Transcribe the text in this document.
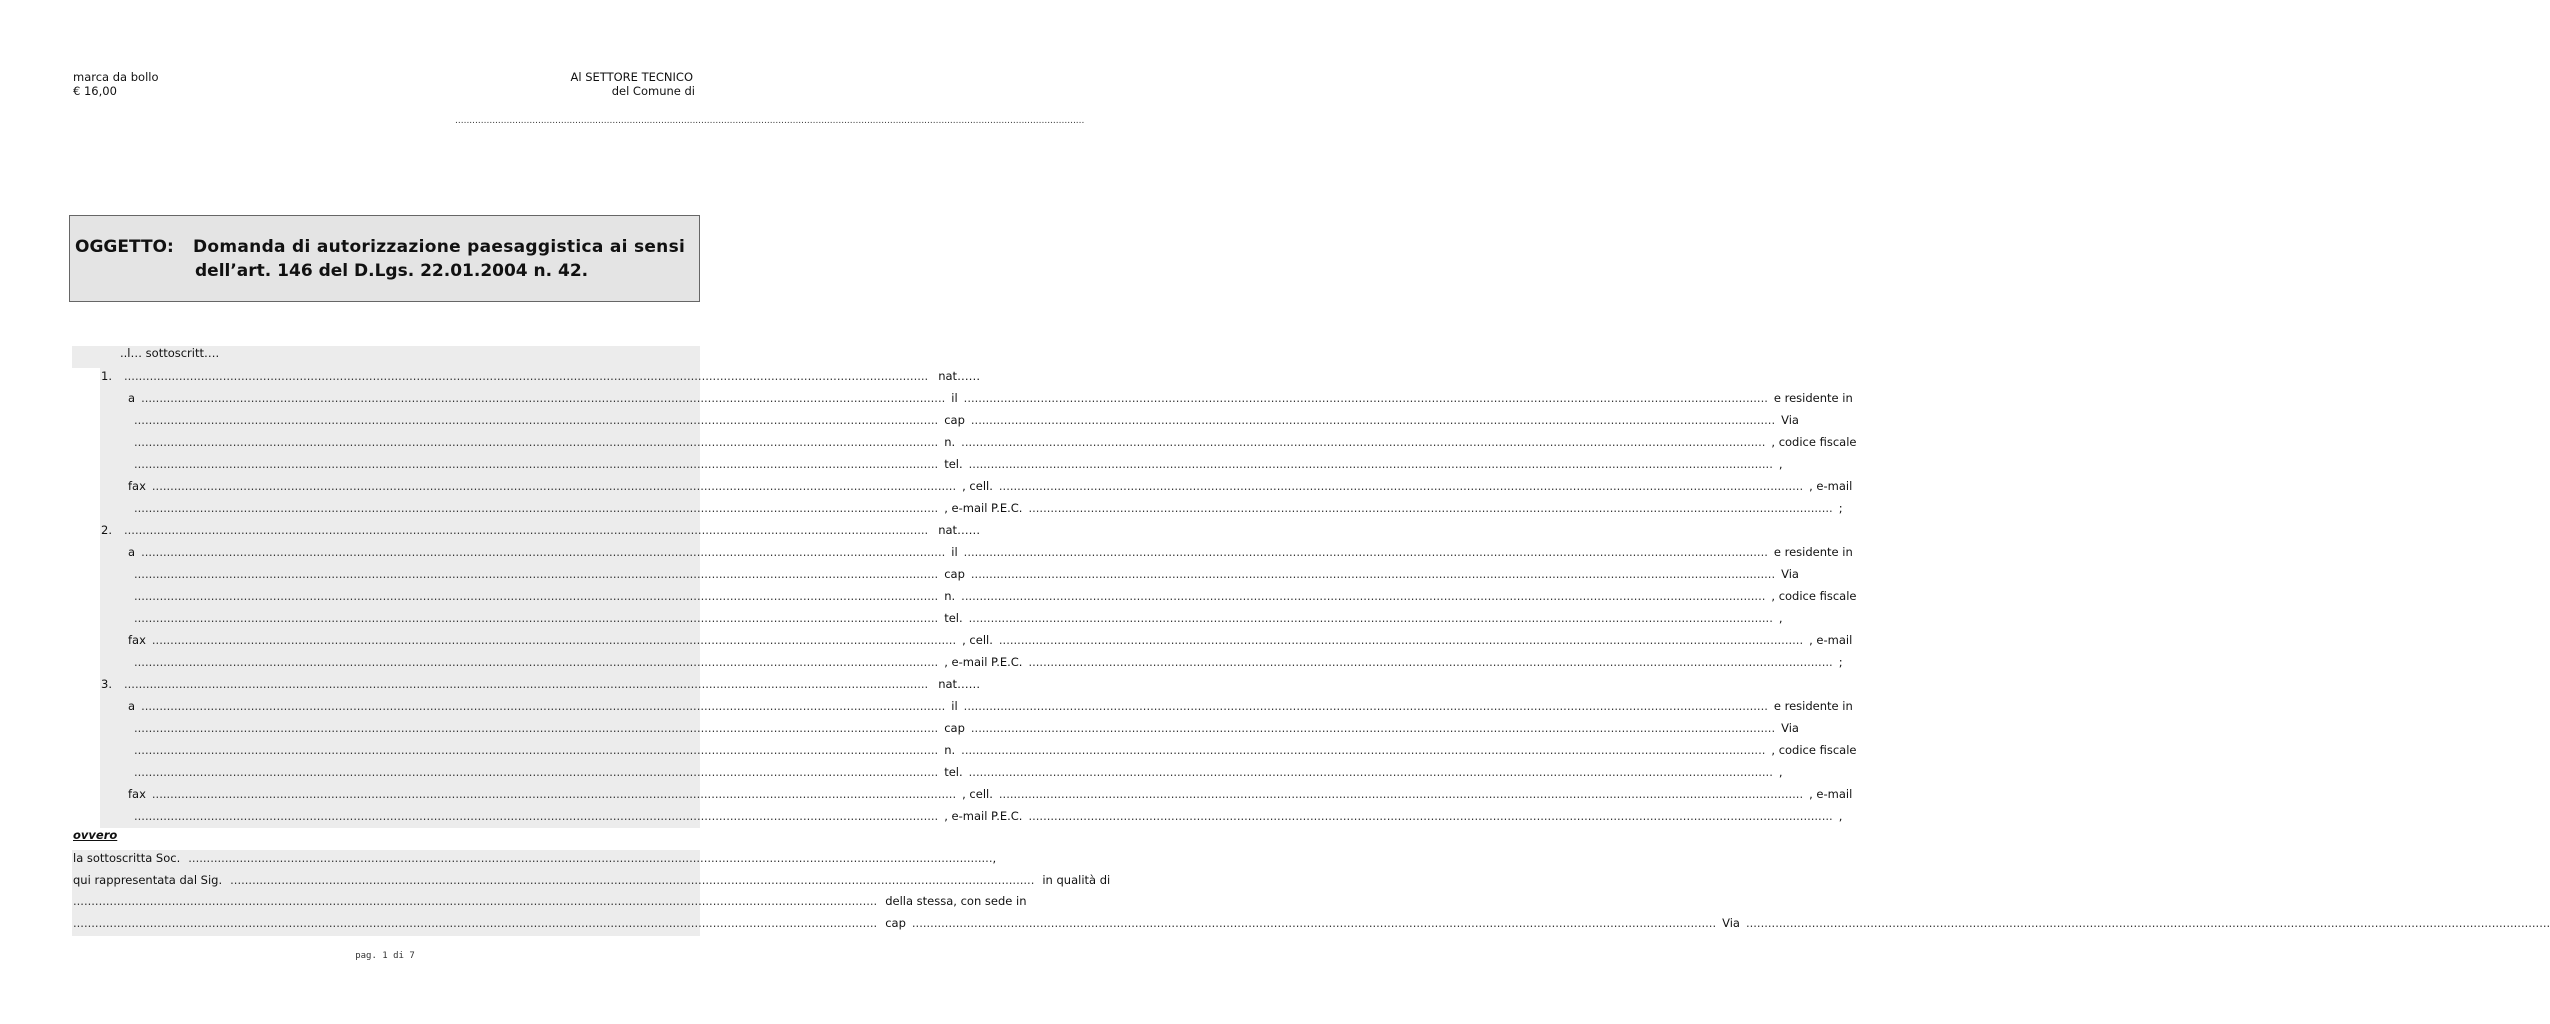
marca da bollo
€ 16,00
Al SETTORE TECNICO
del Comune di
............................................................................................................................................................................................................................
OGGETTO: Domanda di autorizzazione paesaggistica ai sensi
dell’art. 146 del D.Lgs. 22.01.2004 n. 42.
..l… sottoscritt….
1. ............................................................................................................................................................................................................................ nat……
a ............................................................................................................................................................................................................................ il ............................................................................................................................................................................................................................ e residente in
............................................................................................................................................................................................................................ cap ............................................................................................................................................................................................................................ Via
............................................................................................................................................................................................................................ n. ............................................................................................................................................................................................................................ , codice fiscale
............................................................................................................................................................................................................................ tel. ............................................................................................................................................................................................................................ ,
fax ............................................................................................................................................................................................................................ , cell. ............................................................................................................................................................................................................................ , e-mail
............................................................................................................................................................................................................................ , e-mail P.E.C. ............................................................................................................................................................................................................................ ;
2. ............................................................................................................................................................................................................................ nat……
a ............................................................................................................................................................................................................................ il ............................................................................................................................................................................................................................ e residente in
............................................................................................................................................................................................................................ cap ............................................................................................................................................................................................................................ Via
............................................................................................................................................................................................................................ n. ............................................................................................................................................................................................................................ , codice fiscale
............................................................................................................................................................................................................................ tel. ............................................................................................................................................................................................................................ ,
fax ............................................................................................................................................................................................................................ , cell. ............................................................................................................................................................................................................................ , e-mail
............................................................................................................................................................................................................................ , e-mail P.E.C. ............................................................................................................................................................................................................................ ;
3. ............................................................................................................................................................................................................................ nat……
a ............................................................................................................................................................................................................................ il ............................................................................................................................................................................................................................ e residente in
............................................................................................................................................................................................................................ cap ............................................................................................................................................................................................................................ Via
............................................................................................................................................................................................................................ n. ............................................................................................................................................................................................................................ , codice fiscale
............................................................................................................................................................................................................................ tel. ............................................................................................................................................................................................................................ ,
fax ............................................................................................................................................................................................................................ , cell. ............................................................................................................................................................................................................................ , e-mail
............................................................................................................................................................................................................................ , e-mail P.E.C. ............................................................................................................................................................................................................................ ,
ovvero
la sottoscritta Soc. ............................................................................................................................................................................................................................ ,
qui rappresentata dal Sig. ............................................................................................................................................................................................................................ in qualità di
............................................................................................................................................................................................................................ della stessa, con sede in
............................................................................................................................................................................................................................ cap ............................................................................................................................................................................................................................ Via ............................................................................................................................................................................................................................
pag. 1 di 7
